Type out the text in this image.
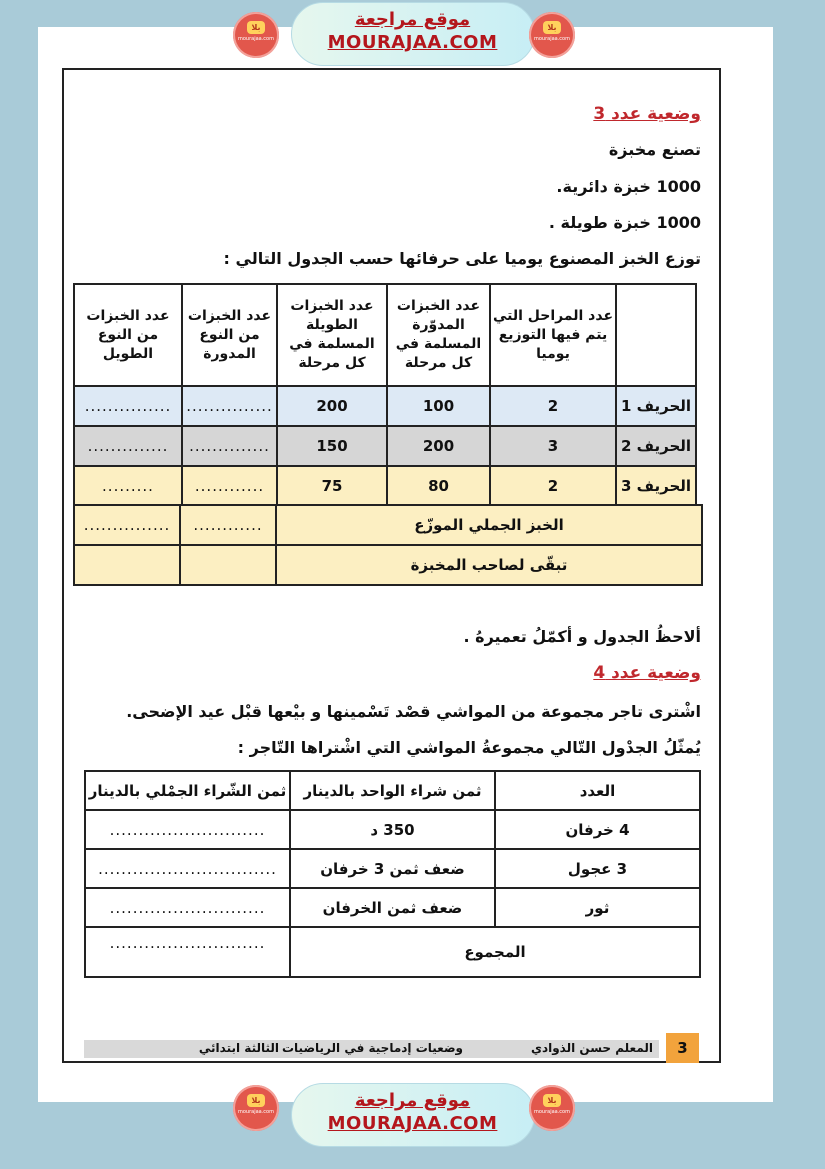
بلا
mourajaa.com
موقع مراجعة
MOURAJAA.COM
بلا
mourajaa.com
وضعية عدد 3
تصنع مخبزة
1000 خبزة دائرية.
1000 خبزة طويلة .
توزع الخبز المصنوع يوميا على حرفائها حسب الجدول التالي :
	عدد المراحل التي يتم فيها التوزيع يوميا	عدد الخبزات المدوّرة المسلمة في كل مرحلة	عدد الخبزات الطويلة المسلمة في كل مرحلة	عدد الخبزات من النوع المدورة	عدد الخبزات من النوع الطويل
الحريف 1	2	100	200	...............	...............
الحريف 2	3	200	150	..............	..............
الحريف 3	2	80	75	............	.........
الخبز الجملي الموزّع	............	...............
تبقّى لصاحب المخبزة		
ألاحظُ الجدول و أكمّلُ تعميرهُ .
وضعية عدد 4
اشْترى تاجر مجموعة من المواشي قصْد تَسْمينها و بيْعها قبْل عيد الإضحى.
يُمثّلُ الجدْول التّالي مجموعةُ المواشي التي اشْتراها التّاجر :
العدد	ثمن شراء الواحد بالدينار	ثمن الشّراء الجمْلي بالدينار
4 خرفان	350 د	...........................
3 عجول	ضعف ثمن 3 خرفان	...............................
ثور	ضعف ثمن الخرفان	...........................
المجموع		...........................
المعلم حسن الذوادي
وضعيات إدماجية في الرياضيات
الثالثة ابتدائي	3
بلا
mourajaa.com
موقع مراجعة
MOURAJAA.COM
بلا
mourajaa.com
